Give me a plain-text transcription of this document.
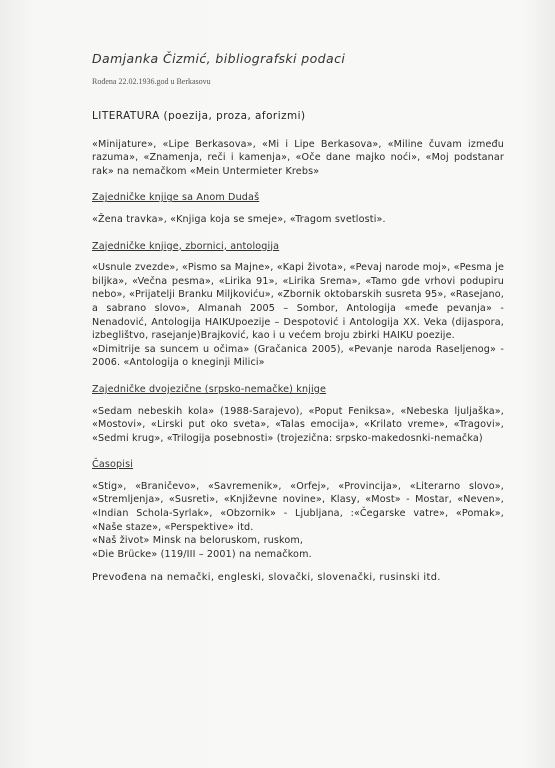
Damjanka Čizmić, bibliografski podaci
Rođena 22.02.1936.god u Berkasovu
LITERATURA (poezija, proza, aforizmi)
«Minijature», «Lipe Berkasova», «Mi i Lipe Berkasova», «Miline čuvam između razuma», «Znamenja, reči i kamenja», «Oče dane majko noći», «Moj podstanar rak» na nemačkom «Mein Untermieter Krebs»
Zajedničke knjige sa Anom Dudaš
«Žena travka», «Knjiga koja se smeje», «Tragom svetlosti».
Zajedničke knjige, zbornici, antologija
«Usnule zvezde», «Pismo sa Majne», «Kapi života», «Pevaj narode moj», «Pesma je biljka», «Večna pesma», «Lirika 91», «Lirika Srema», «Tamo gde vrhovi podupiru nebo», «Prijatelji Branku Miljkoviću», «Zbornik oktobarskih susreta 95», «Rasejano, a sabrano slovo», Almanah 2005 – Sombor, Antologija «međe pevanja» - Nenadović, Antologija HAIKUpoezije – Despotović i Antologija XX. Veka (dijaspora, izbeglištvo, rasejanje)Brajković, kao i u većem broju zbirki HAIKU poezije.
«Dimitrije sa suncem u očima» (Gračanica 2005), «Pevanje naroda Raseljenog» - 2006. «Antologija o kneginji Milici»
Zajedničke dvojezične (srpsko-nemačke) knjige
«Sedam nebeskih kola» (1988-Sarajevo), «Poput Feniksa», «Nebeska ljuljaška», «Mostovi», «Lirski put oko sveta», «Talas emocija», «Krilato vreme», «Tragovi», «Sedmi krug», «Trilogija posebnosti» (trojezična: srpsko-makedosnki-nemačka)
Časopisi
«Stig», «Braničevo», «Savremenik», «Orfej», «Provincija», «Literarno slovo», «Stremljenja», «Susreti», «Književne novine», Klasy, «Most» - Mostar, «Neven», «Indian Schola-Syrlak», «Obzornik» - Ljubljana, :«Čegarske vatre», «Pomak», «Naše staze», «Perspektive» itd.
«Naš život» Minsk na beloruskom, ruskom,
«Die Brücke» (119/III – 2001) na nemačkom.
Prevođena na nemački, engleski, slovački, slovenački, rusinski itd.
